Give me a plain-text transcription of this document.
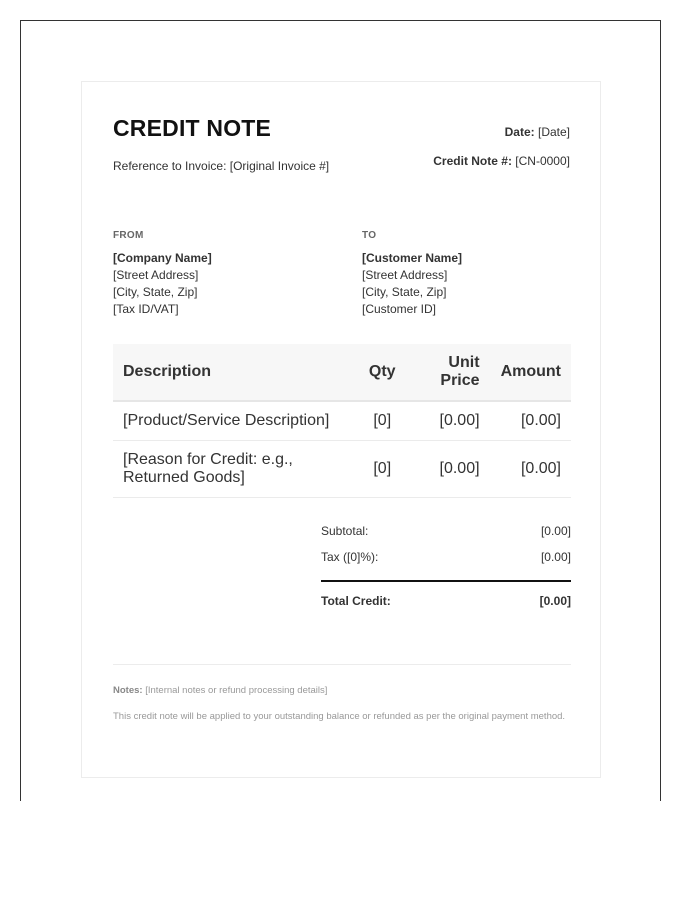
CREDIT NOTE
Reference to Invoice: [Original Invoice #]
Date: [Date]
Credit Note #: [CN-0000]
FROM
[Company Name]
[Street Address]
[City, State, Zip]
[Tax ID/VAT]
TO
[Customer Name]
[Street Address]
[City, State, Zip]
[Customer ID]
Description	Qty	Unit Price	Amount
[Product/Service Description]	[0]	[0.00]	[0.00]
[Reason for Credit: e.g., Returned Goods]	[0]	[0.00]	[0.00]
Subtotal:	[0.00]
Tax ([0]%):	[0.00]
Total Credit:	[0.00]
Notes: [Internal notes or refund processing details]
This credit note will be applied to your outstanding balance or refunded as per the original payment method.
